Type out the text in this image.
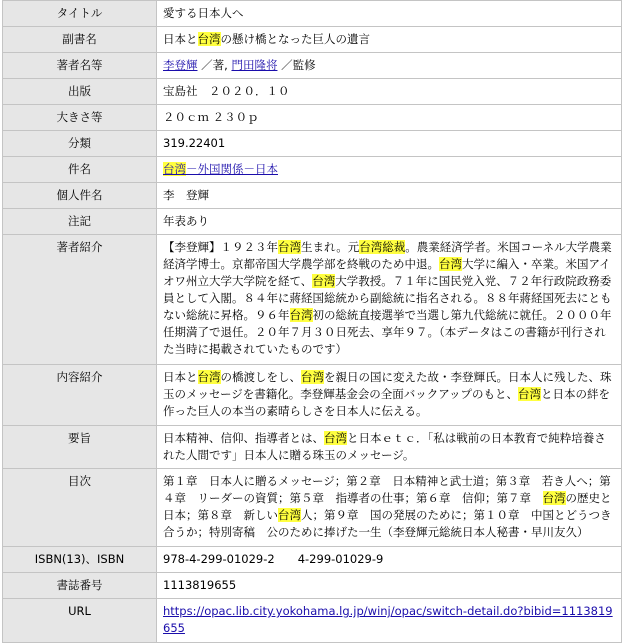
タイトル	愛する日本人へ
副書名	日本と台湾の懸け橋となった巨人の遺言
著者名等	李登輝 ／著, 門田隆将 ／監修
出版	宝島社　２０２０．１０
大きさ等	２０ｃｍ ２３０ｐ
分類	319.22401
件名	台湾－外国関係－日本
個人件名	李　登輝
注記	年表あり
著者紹介	【李登輝】１９２３年台湾生まれ。元台湾総裁。農業経済学者。米国コーネル大学農業経済学博士。京都帝国大学農学部を終戦のため中退。台湾大学に編入・卒業。米国アイオワ州立大学大学院を経て、台湾大学教授。７１年に国民党入党、７２年行政院政務委員として入閣。８４年に蔣経国総統から副総統に指名される。８８年蔣経国死去にともない総統に昇格。９６年台湾初の総統直接選挙で当選し第九代総統に就任。２０００年任期満了で退任。２０年７月３０日死去、享年９７。（本データはこの書籍が刊行された当時に掲載されていたものです）
内容紹介	日本と台湾の橋渡しをし、台湾を親日の国に変えた故・李登輝氏。日本人に残した、珠玉のメッセージを書籍化。李登輝基金会の全面バックアップのもと、台湾と日本の絆を作った巨人の本当の素晴らしさを日本人に伝える。
要旨	日本精神、信仰、指導者とは、台湾と日本ｅｔｃ．「私は戦前の日本教育で純粋培養された人間です」日本人に贈る珠玉のメッセージ。
目次	第１章　日本人に贈るメッセージ；第２章　日本精神と武士道；第３章　若き人へ；第４章　リーダーの資質；第５章　指導者の仕事；第６章　信仰；第７章　台湾の歴史と日本；第８章　新しい台湾人；第９章　国の発展のために；第１０章　中国とどうつき合うか；特別寄稿　公のために捧げた一生（李登輝元総統日本人秘書・早川友久）
ISBN(13)、ISBN	978-4-299-01029-2　　4-299-01029-9
書誌番号	1113819655
URL	https://opac.lib.city.yokohama.lg.jp/winj/opac/switch-detail.do?bibid=1113819655
